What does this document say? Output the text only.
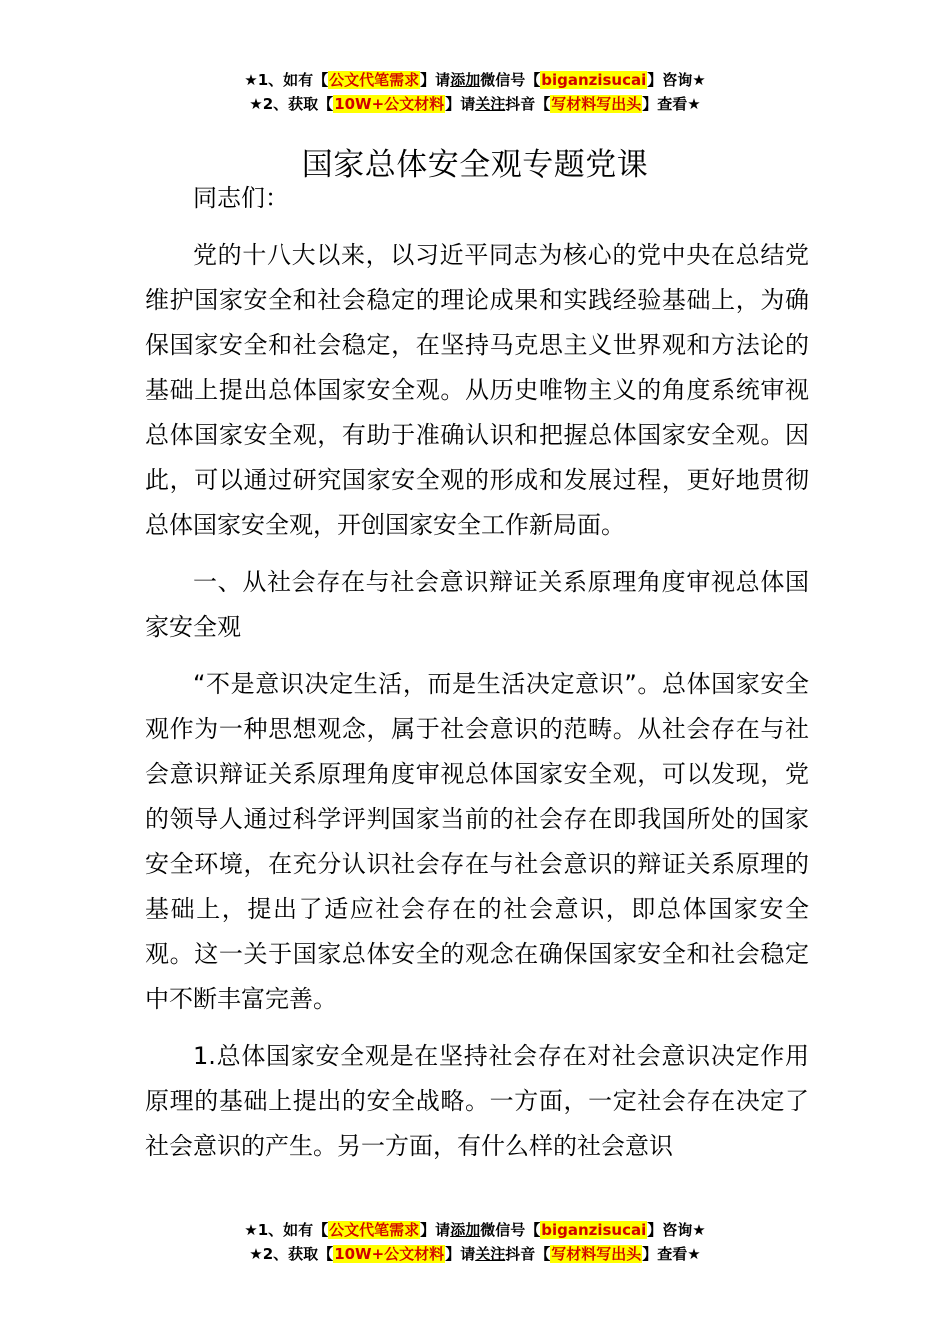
★1、如有【公文代笔需求】请添加微信号【biganzisucai】咨询★
★2、获取【10W+公文材料】请关注抖音【写材料写出头】查看★
国家总体安全观专题党课

同志们：

党的十八大以来，以习近平同志为核心的党中央在总结党维护国家安全和社会稳定的理论成果和实践经验基础上，为确保国家安全和社会稳定，在坚持马克思主义世界观和方法论的基础上提出总体国家安全观。从历史唯物主义的角度系统审视总体国家安全观，有助于准确认识和把握总体国家安全观。因此，可以通过研究国家安全观的形成和发展过程，更好地贯彻总体国家安全观，开创国家安全工作新局面。

一、从社会存在与社会意识辩证关系原理角度审视总体国家安全观

“不是意识决定生活，而是生活决定意识”。总体国家安全观作为一种思想观念，属于社会意识的范畴。从社会存在与社会意识辩证关系原理角度审视总体国家安全观，可以发现，党的领导人通过科学评判国家当前的社会存在即我国所处的国家安全环境，在充分认识社会存在与社会意识的辩证关系原理的基础上，提出了适应社会存在的社会意识，即总体国家安全观。这一关于国家总体安全的观念在确保国家安全和社会稳定中不断丰富完善。

1.总体国家安全观是在坚持社会存在对社会意识决定作用原理的基础上提出的安全战略。一方面，一定社会存在决定了社会意识的产生。另一方面，有什么样的社会意识

★1、如有【公文代笔需求】请添加微信号【biganzisucai】咨询★
★2、获取【10W+公文材料】请关注抖音【写材料写出头】查看★
